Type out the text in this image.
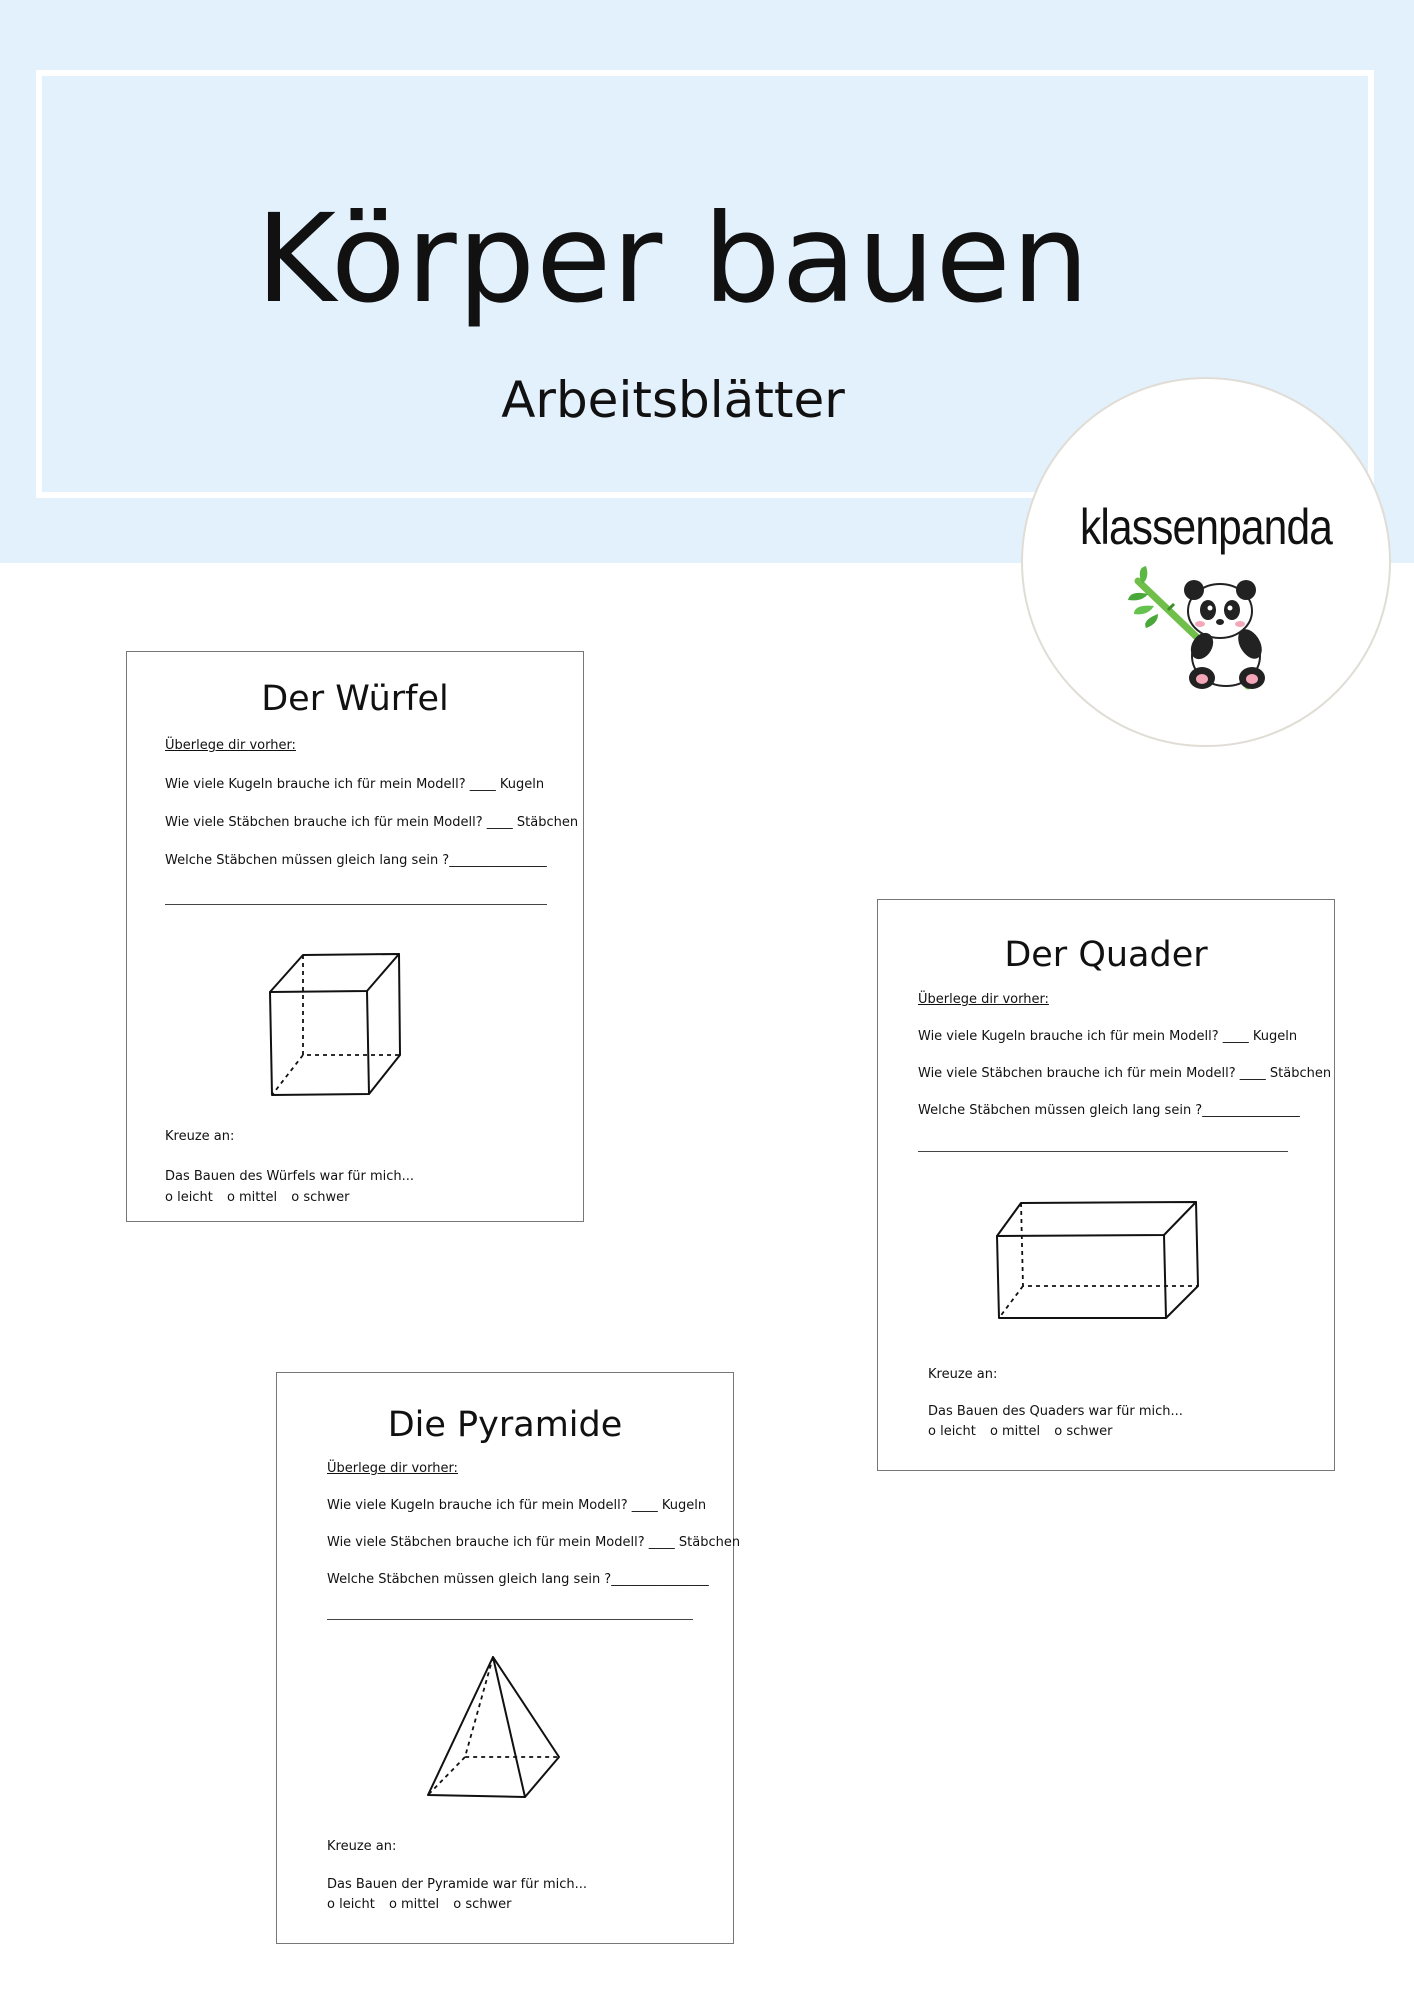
Körper bauen
Arbeitsblätter
klassenpanda
Der Würfel
Überlege dir vorher:
Wie viele Kugeln brauche ich für mein Modell? ____ Kugeln
Wie viele Stäbchen brauche ich für mein Modell? ____ Stäbchen
Welche Stäbchen müssen gleich lang sein ?_______________
Kreuze an:
Das Bauen des Würfels war für mich...
o leicht o mittel o schwer
Der Quader
Überlege dir vorher:
Wie viele Kugeln brauche ich für mein Modell? ____ Kugeln
Wie viele Stäbchen brauche ich für mein Modell? ____ Stäbchen
Welche Stäbchen müssen gleich lang sein ?_______________
Kreuze an:
Das Bauen des Quaders war für mich...
o leicht o mittel o schwer
Die Pyramide
Überlege dir vorher:
Wie viele Kugeln brauche ich für mein Modell? ____ Kugeln
Wie viele Stäbchen brauche ich für mein Modell? ____ Stäbchen
Welche Stäbchen müssen gleich lang sein ?_______________
Kreuze an:
Das Bauen der Pyramide war für mich...
o leicht o mittel o schwer
